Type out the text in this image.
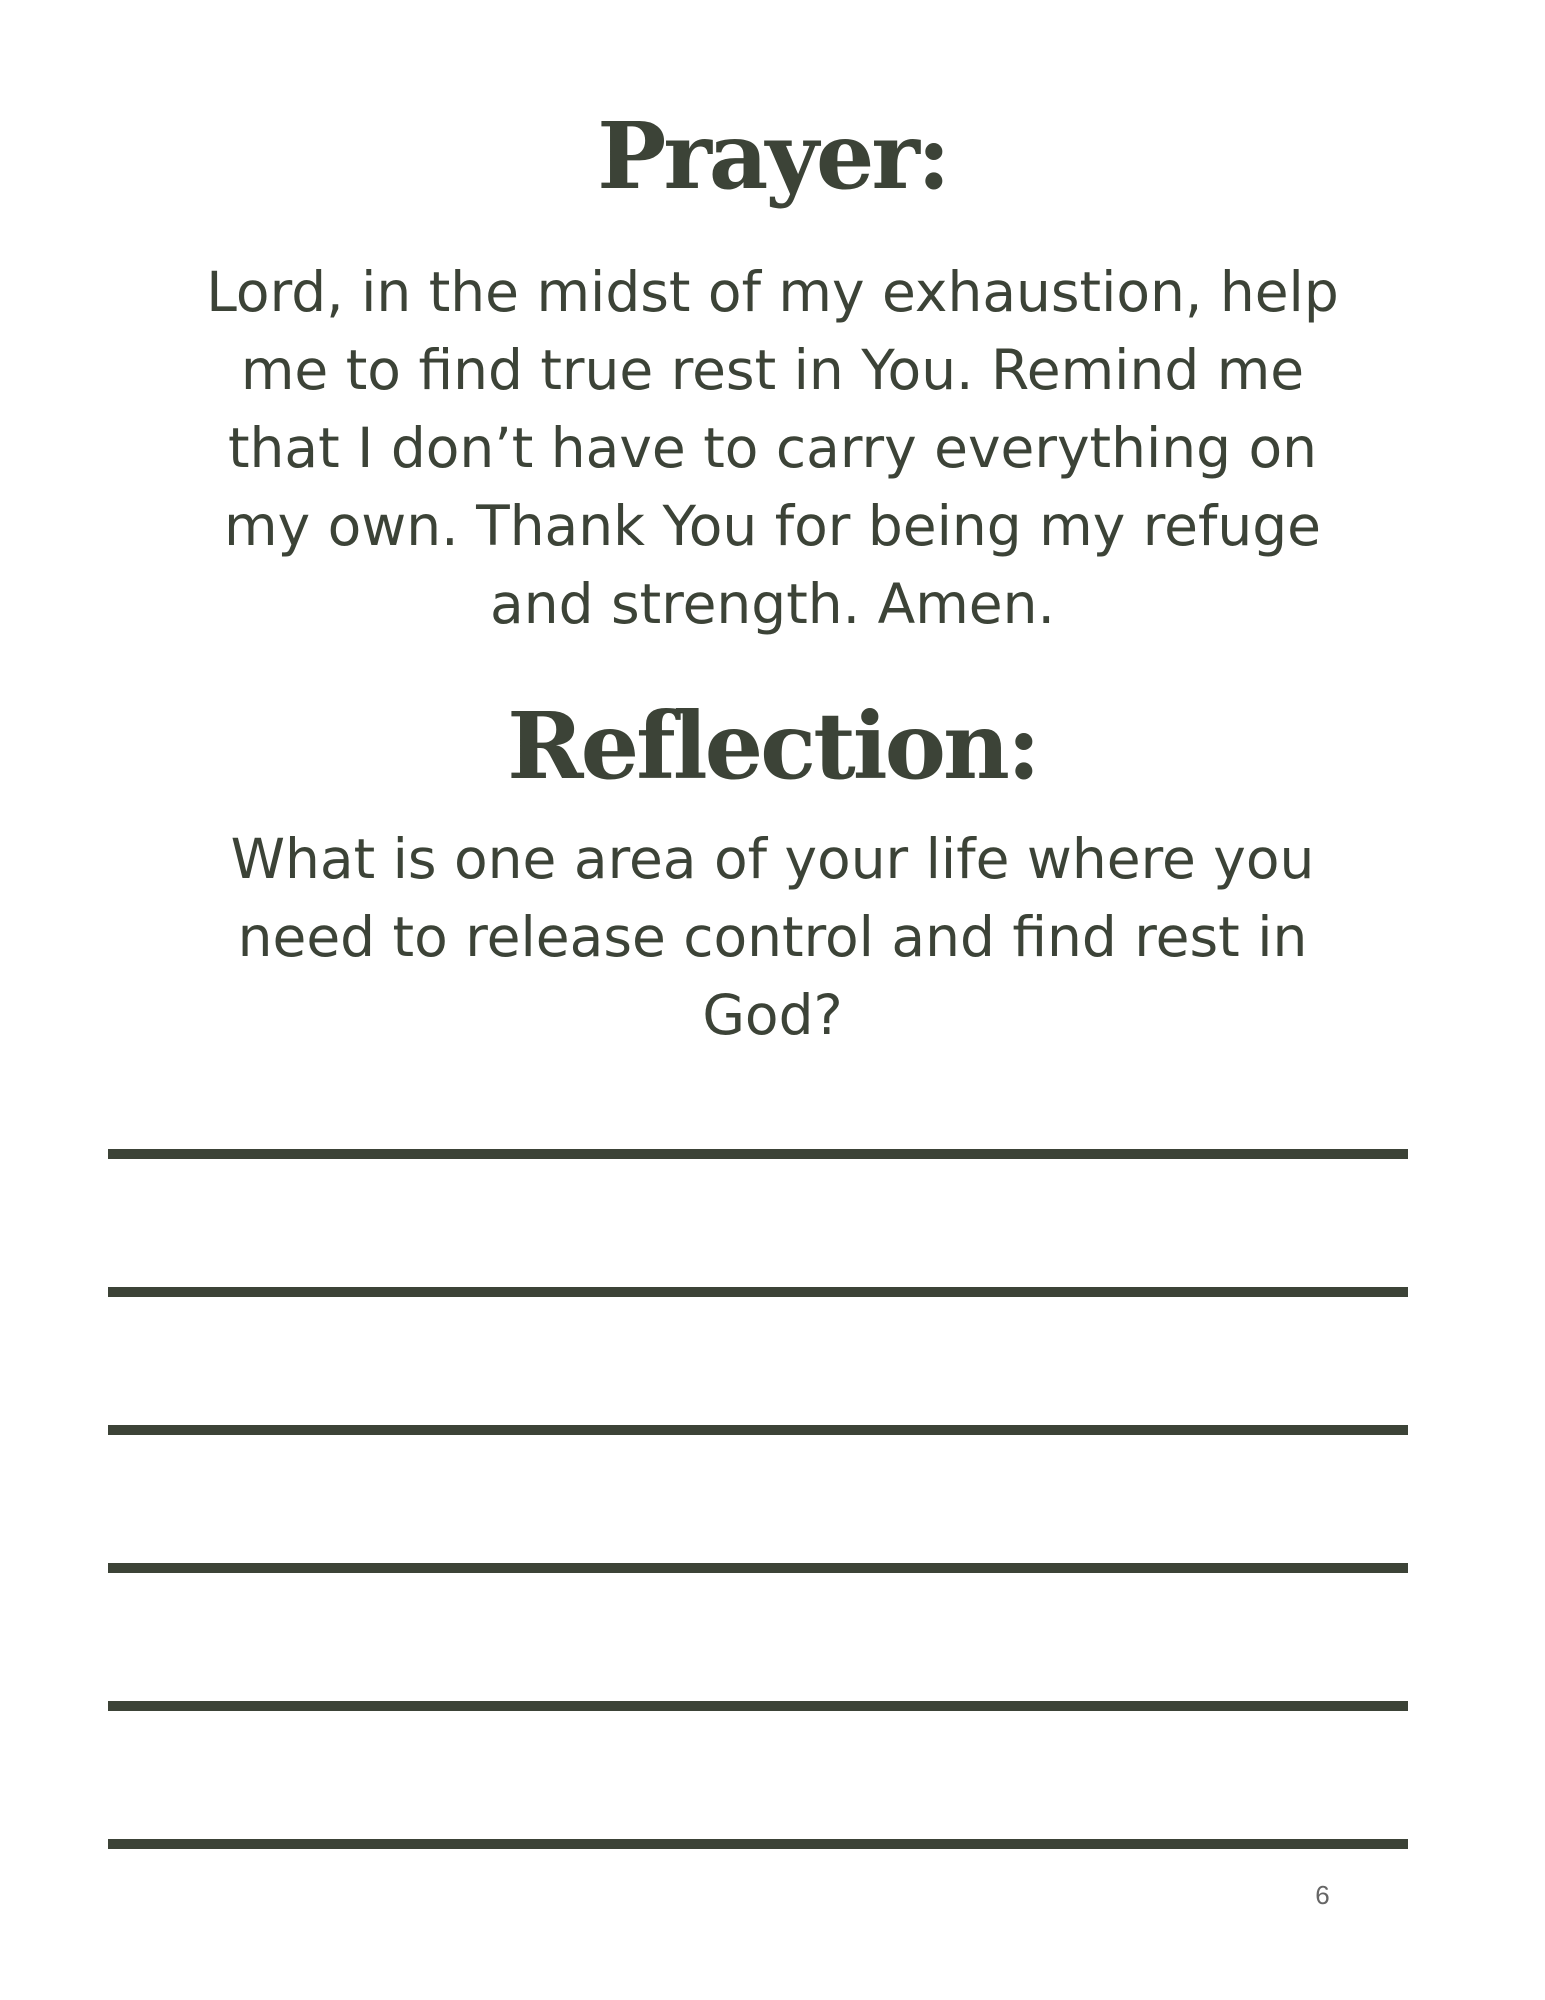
Prayer:

Lord, in the midst of my exhaustion, help
me to find true rest in You. Remind me
that I don’t have to carry everything on
my own. Thank You for being my refuge
and strength. Amen.

Reflection:

What is one area of your life where you
need to release control and find rest in
God?

6
